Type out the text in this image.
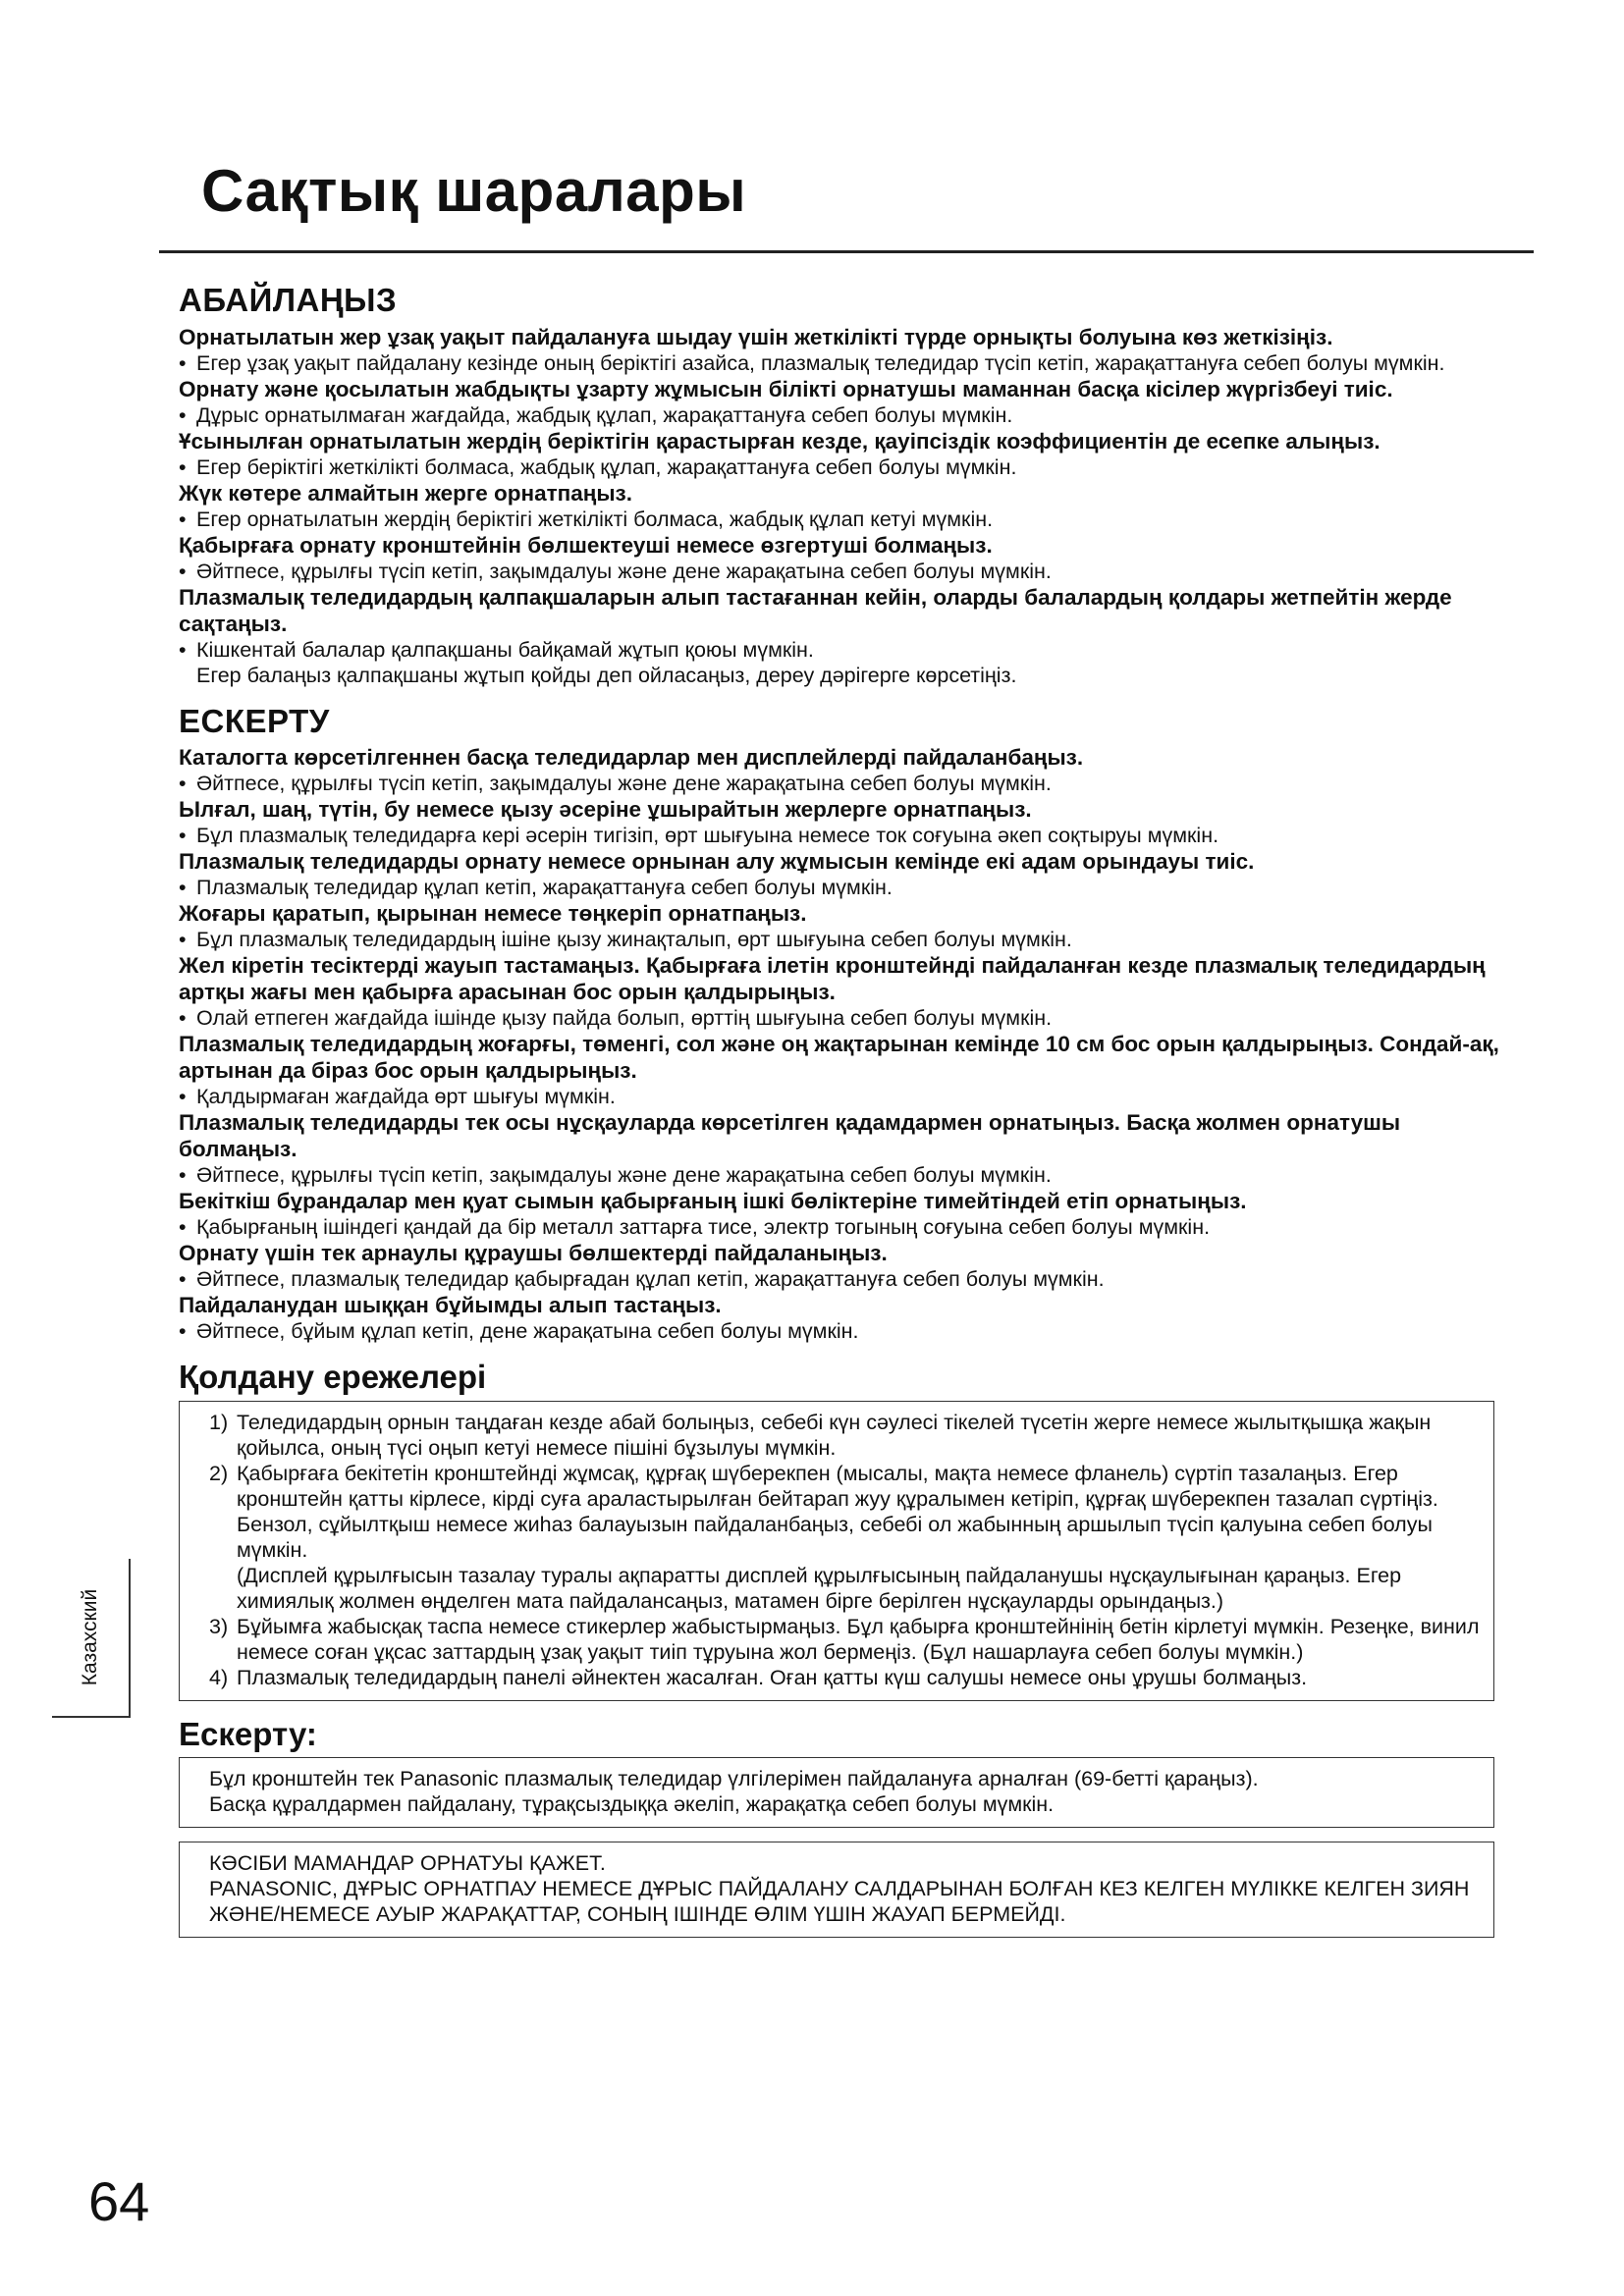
Сақтық шаралары
АБАЙЛАҢЫЗ

Орнатылатын жер ұзақ уақыт пайдалануға шыдау үшін жеткілікті түрде орнықты болуына көз жеткізіңіз.

• Егер ұзақ уақыт пайдалану кезінде оның беріктігі азайса, плазмалық теледидар түсіп кетіп, жарақаттануға себеп болуы мүмкін.

Орнату және қосылатын жабдықты ұзарту жұмысын білікті орнатушы маманнан басқа кісілер жүргізбеуі тиіс.

• Дұрыс орнатылмаған жағдайда, жабдық құлап, жарақаттануға себеп болуы мүмкін.

Ұсынылған орнатылатын жердің беріктігін қарастырған кезде, қауіпсіздік коэффициентін де есепке алыңыз.

• Егер беріктігі жеткілікті болмаса, жабдық құлап, жарақаттануға себеп болуы мүмкін.

Жүк көтере алмайтын жерге орнатпаңыз.

• Егер орнатылатын жердің беріктігі жеткілікті болмаса, жабдық құлап кетуі мүмкін.

Қабырғаға орнату кронштейнін бөлшектеуші немесе өзгертуші болмаңыз.

• Әйтпесе, құрылғы түсіп кетіп, зақымдалуы және дене жарақатына себеп болуы мүмкін.

Плазмалық теледидардың қалпақшаларын алып тастағаннан кейін, оларды балалардың қолдары жетпейтін жерде сақтаңыз.

• Кішкентай балалар қалпақшаны байқамай жұтып қоюы мүмкін.

Егер балаңыз қалпақшаны жұтып қойды деп ойласаңыз, дереу дәрігерге көрсетіңіз.

ЕСКЕРТУ

Каталогта көрсетілгеннен басқа теледидарлар мен дисплейлерді пайдаланбаңыз.

• Әйтпесе, құрылғы түсіп кетіп, зақымдалуы және дене жарақатына себеп болуы мүмкін.

Ылғал, шаң, түтін, бу немесе қызу әсеріне ұшырайтын жерлерге орнатпаңыз.

• Бұл плазмалық теледидарға кері әсерін тигізіп, өрт шығуына немесе ток соғуына әкеп соқтыруы мүмкін.

Плазмалық теледидарды орнату немесе орнынан алу жұмысын кемінде екі адам орындауы тиіс.

• Плазмалық теледидар құлап кетіп, жарақаттануға себеп болуы мүмкін.

Жоғары қаратып, қырынан немесе төңкеріп орнатпаңыз.

• Бұл плазмалық теледидардың ішіне қызу жинақталып, өрт шығуына себеп болуы мүмкін.

Жел кіретін тесіктерді жауып тастамаңыз. Қабырғаға ілетін кронштейнді пайдаланған кезде плазмалық теледидардың артқы жағы мен қабырға арасынан бос орын қалдырыңыз.

• Олай етпеген жағдайда ішінде қызу пайда болып, өрттің шығуына себеп болуы мүмкін.

Плазмалық теледидардың жоғарғы, төменгі, сол және оң жақтарынан кемінде 10 см бос орын қалдырыңыз. Сондай-ақ, артынан да біраз бос орын қалдырыңыз.

• Қалдырмаған жағдайда өрт шығуы мүмкін.

Плазмалық теледидарды тек осы нұсқауларда көрсетілген қадамдармен орнатыңыз. Басқа жолмен орнатушы болмаңыз.

• Әйтпесе, құрылғы түсіп кетіп, зақымдалуы және дене жарақатына себеп болуы мүмкін.

Бекіткіш бұрандалар мен қуат сымын қабырғаның ішкі бөліктеріне тимейтіндей етіп орнатыңыз.

• Қабырғаның ішіндегі қандай да бір металл заттарға тисе, электр тогының соғуына себеп болуы мүмкін.

Орнату үшін тек арнаулы құраушы бөлшектерді пайдаланыңыз.

• Әйтпесе, плазмалық теледидар қабырғадан құлап кетіп, жарақаттануға себеп болуы мүмкін.

Пайдаланудан шыққан бұйымды алып тастаңыз.

• Әйтпесе, бұйым құлап кетіп, дене жарақатына себеп болуы мүмкін.

Қолдану ережелері
1) Теледидардың орнын таңдаған кезде абай болыңыз, себебі күн сәулесі тікелей түсетін жерге немесе жылытқышқа жақын қойылса, оның түсі оңып кетуі немесе пішіні бұзылуы мүмкін.
2) Қабырғаға бекітетін кронштейнді жұмсақ, құрғақ шүберекпен (мысалы, мақта немесе фланель) сүртіп тазалаңыз. Егер кронштейн қатты кірлесе, кірді суға араластырылған бейтарап жуу құралымен кетіріп, құрғақ шүберекпен тазалап сүртіңіз. Бензол, сұйылтқыш немесе жиһаз балауызын пайдаланбаңыз, себебі ол жабынның аршылып түсіп қалуына себеп болуы мүмкін.
(Дисплей құрылғысын тазалау туралы ақпаратты дисплей құрылғысының пайдаланушы нұсқаулығынан қараңыз. Егер химиялық жолмен өңделген мата пайдалансаңыз, матамен бірге берілген нұсқауларды орындаңыз.)
3) Бұйымға жабысқақ таспа немесе стикерлер жабыстырмаңыз. Бұл қабырға кронштейнінің бетін кірлетуі мүмкін. Резеңке, винил немесе соған ұқсас заттардың ұзақ уақыт тиіп тұруына жол бермеңіз. (Бұл нашарлауға себеп болуы мүмкін.)
4) Плазмалық теледидардың панелі әйнектен жасалған. Оған қатты күш салушы немесе оны ұрушы болмаңыз.
Ескерту:
Бұл кронштейн тек Panasonic плазмалық теледидар үлгілерімен пайдалануға арналған (69-бетті қараңыз).
Басқа құралдармен пайдалану, тұрақсыздыққа әкеліп, жарақатқа себеп болуы мүмкін.
КӘСІБИ МАМАНДАР ОРНАТУЫ ҚАЖЕТ.
PANASONIC, ДҰРЫС ОРНАТПАУ НЕМЕСЕ ДҰРЫС ПАЙДАЛАНУ САЛДАРЫНАН БОЛҒАН КЕЗ КЕЛГЕН МҮЛІККЕ КЕЛГЕН ЗИЯН ЖӘНЕ/НЕМЕСЕ АУЫР ЖАРАҚАТТАР, СОНЫҢ ІШІНДЕ ӨЛІМ ҮШІН ЖАУАП БЕРМЕЙДІ.
Казахский

64
